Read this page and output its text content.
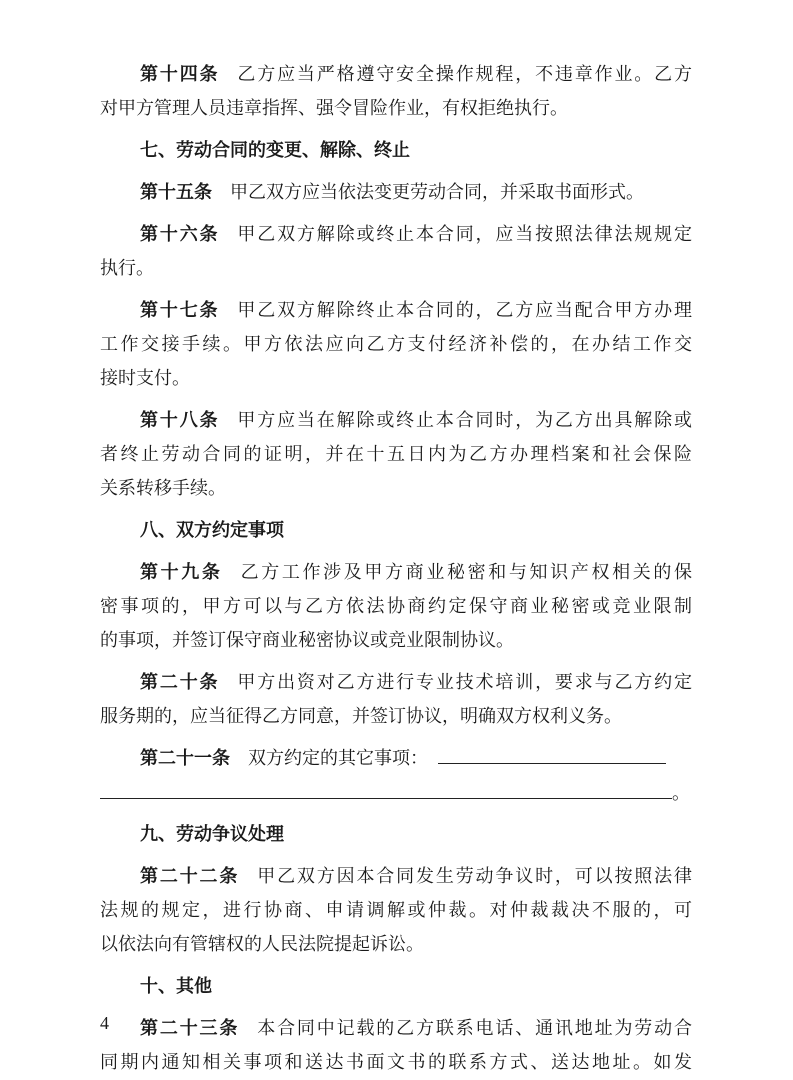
第十四条 乙方应当严格遵守安全操作规程，不违章作业。乙方
对甲方管理人员违章指挥、强令冒险作业，有权拒绝执行。
七、劳动合同的变更、解除、终止
第十五条 甲乙双方应当依法变更劳动合同，并采取书面形式。
第十六条 甲乙双方解除或终止本合同，应当按照法律法规规定
执行。
第十七条 甲乙双方解除终止本合同的，乙方应当配合甲方办理
工作交接手续。甲方依法应向乙方支付经济补偿的，在办结工作交
接时支付。
第十八条 甲方应当在解除或终止本合同时，为乙方出具解除或
者终止劳动合同的证明，并在十五日内为乙方办理档案和社会保险
关系转移手续。
八、双方约定事项
第十九条 乙方工作涉及甲方商业秘密和与知识产权相关的保
密事项的，甲方可以与乙方依法协商约定保守商业秘密或竞业限制
的事项，并签订保守商业秘密协议或竞业限制协议。
第二十条 甲方出资对乙方进行专业技术培训，要求与乙方约定
服务期的，应当征得乙方同意，并签订协议，明确双方权利义务。
第二十一条 双方约定的其它事项：
。
九、劳动争议处理
第二十二条 甲乙双方因本合同发生劳动争议时，可以按照法律
法规的规定，进行协商、申请调解或仲裁。对仲裁裁决不服的，可
以依法向有管辖权的人民法院提起诉讼。
十、其他
第二十三条 本合同中记载的乙方联系电话、通讯地址为劳动合
同期内通知相关事项和送达书面文书的联系方式、送达地址。如发
4
